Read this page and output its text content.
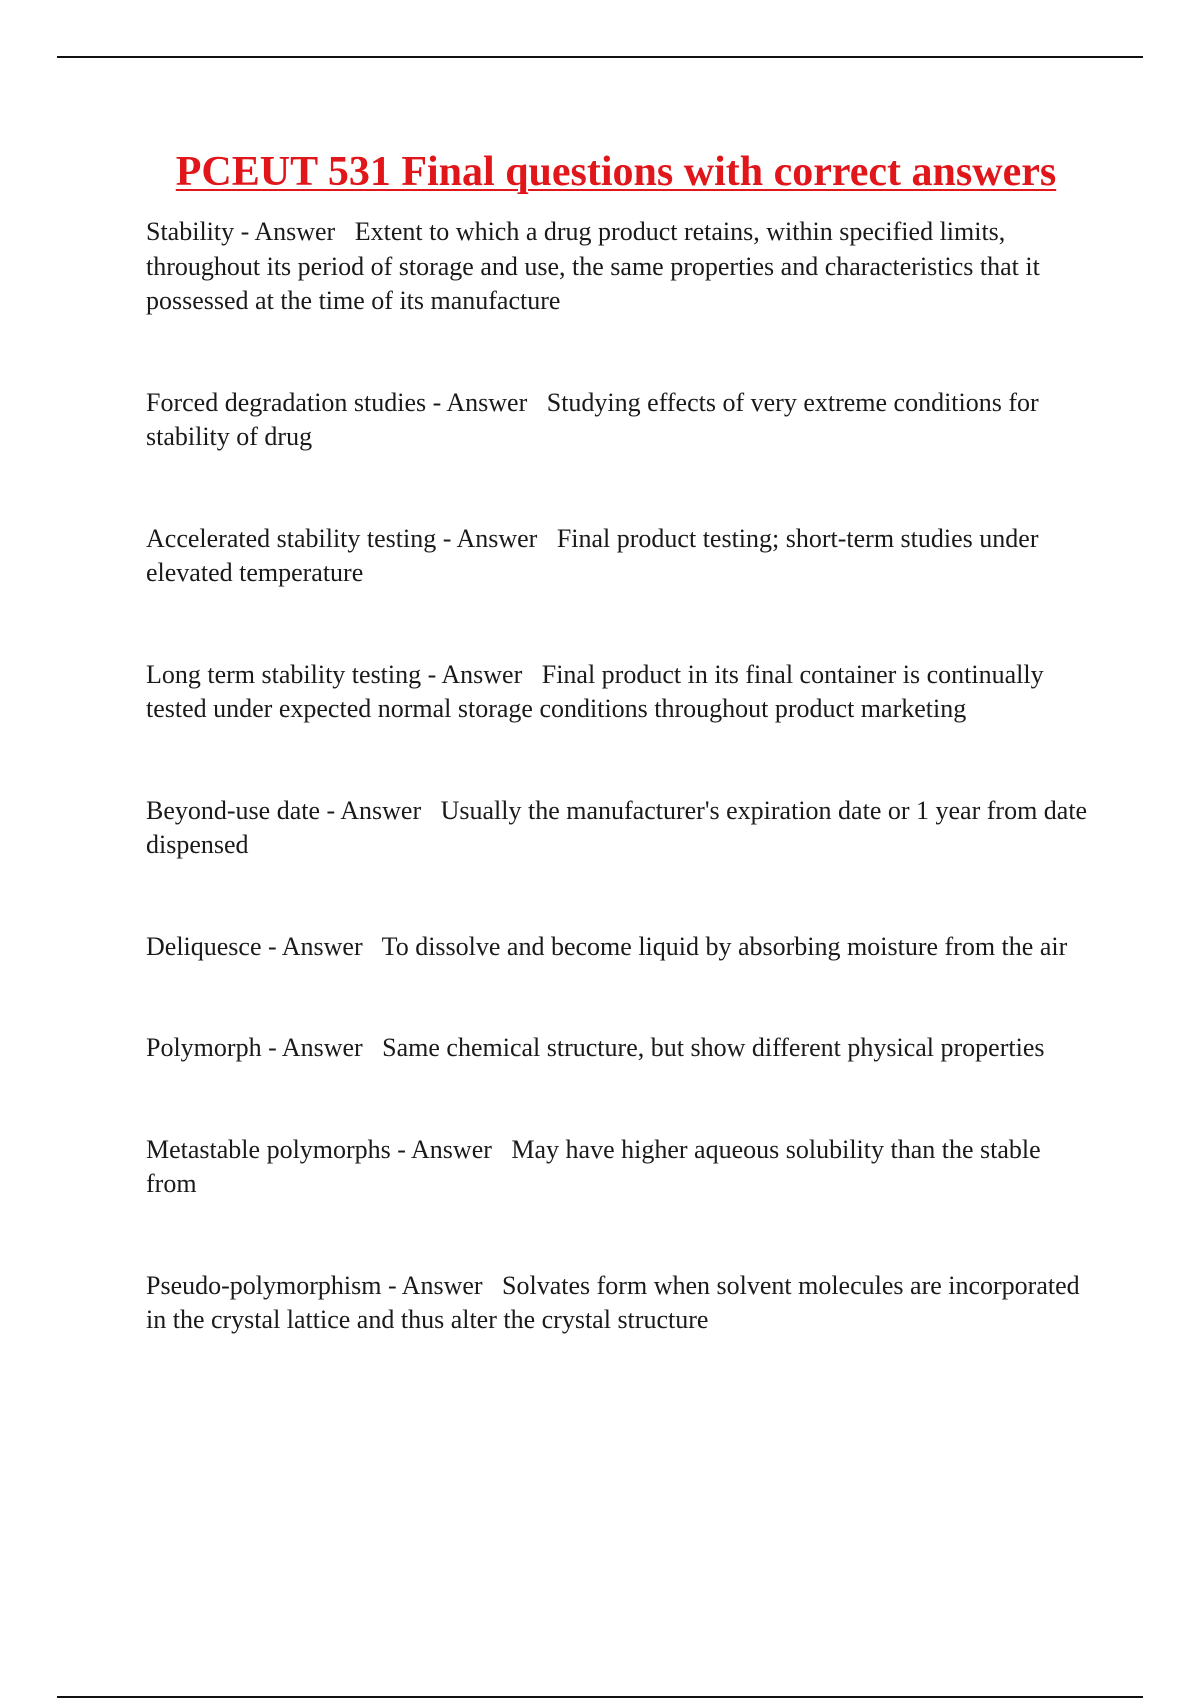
PCEUT 531 Final questions with correct answers
Stability - Answer   Extent to which a drug product retains, within specified limits, throughout its period of storage and use, the same properties and characteristics that it possessed at the time of its manufacture
Forced degradation studies - Answer   Studying effects of very extreme conditions for stability of drug
Accelerated stability testing - Answer   Final product testing; short-term studies under elevated temperature
Long term stability testing - Answer   Final product in its final container is continually tested under expected normal storage conditions throughout product marketing
Beyond-use date - Answer   Usually the manufacturer's expiration date or 1 year from date dispensed
Deliquesce - Answer   To dissolve and become liquid by absorbing moisture from the air
Polymorph - Answer   Same chemical structure, but show different physical properties
Metastable polymorphs - Answer   May have higher aqueous solubility than the stable from
Pseudo-polymorphism - Answer   Solvates form when solvent molecules are incorporated in the crystal lattice and thus alter the crystal structure
